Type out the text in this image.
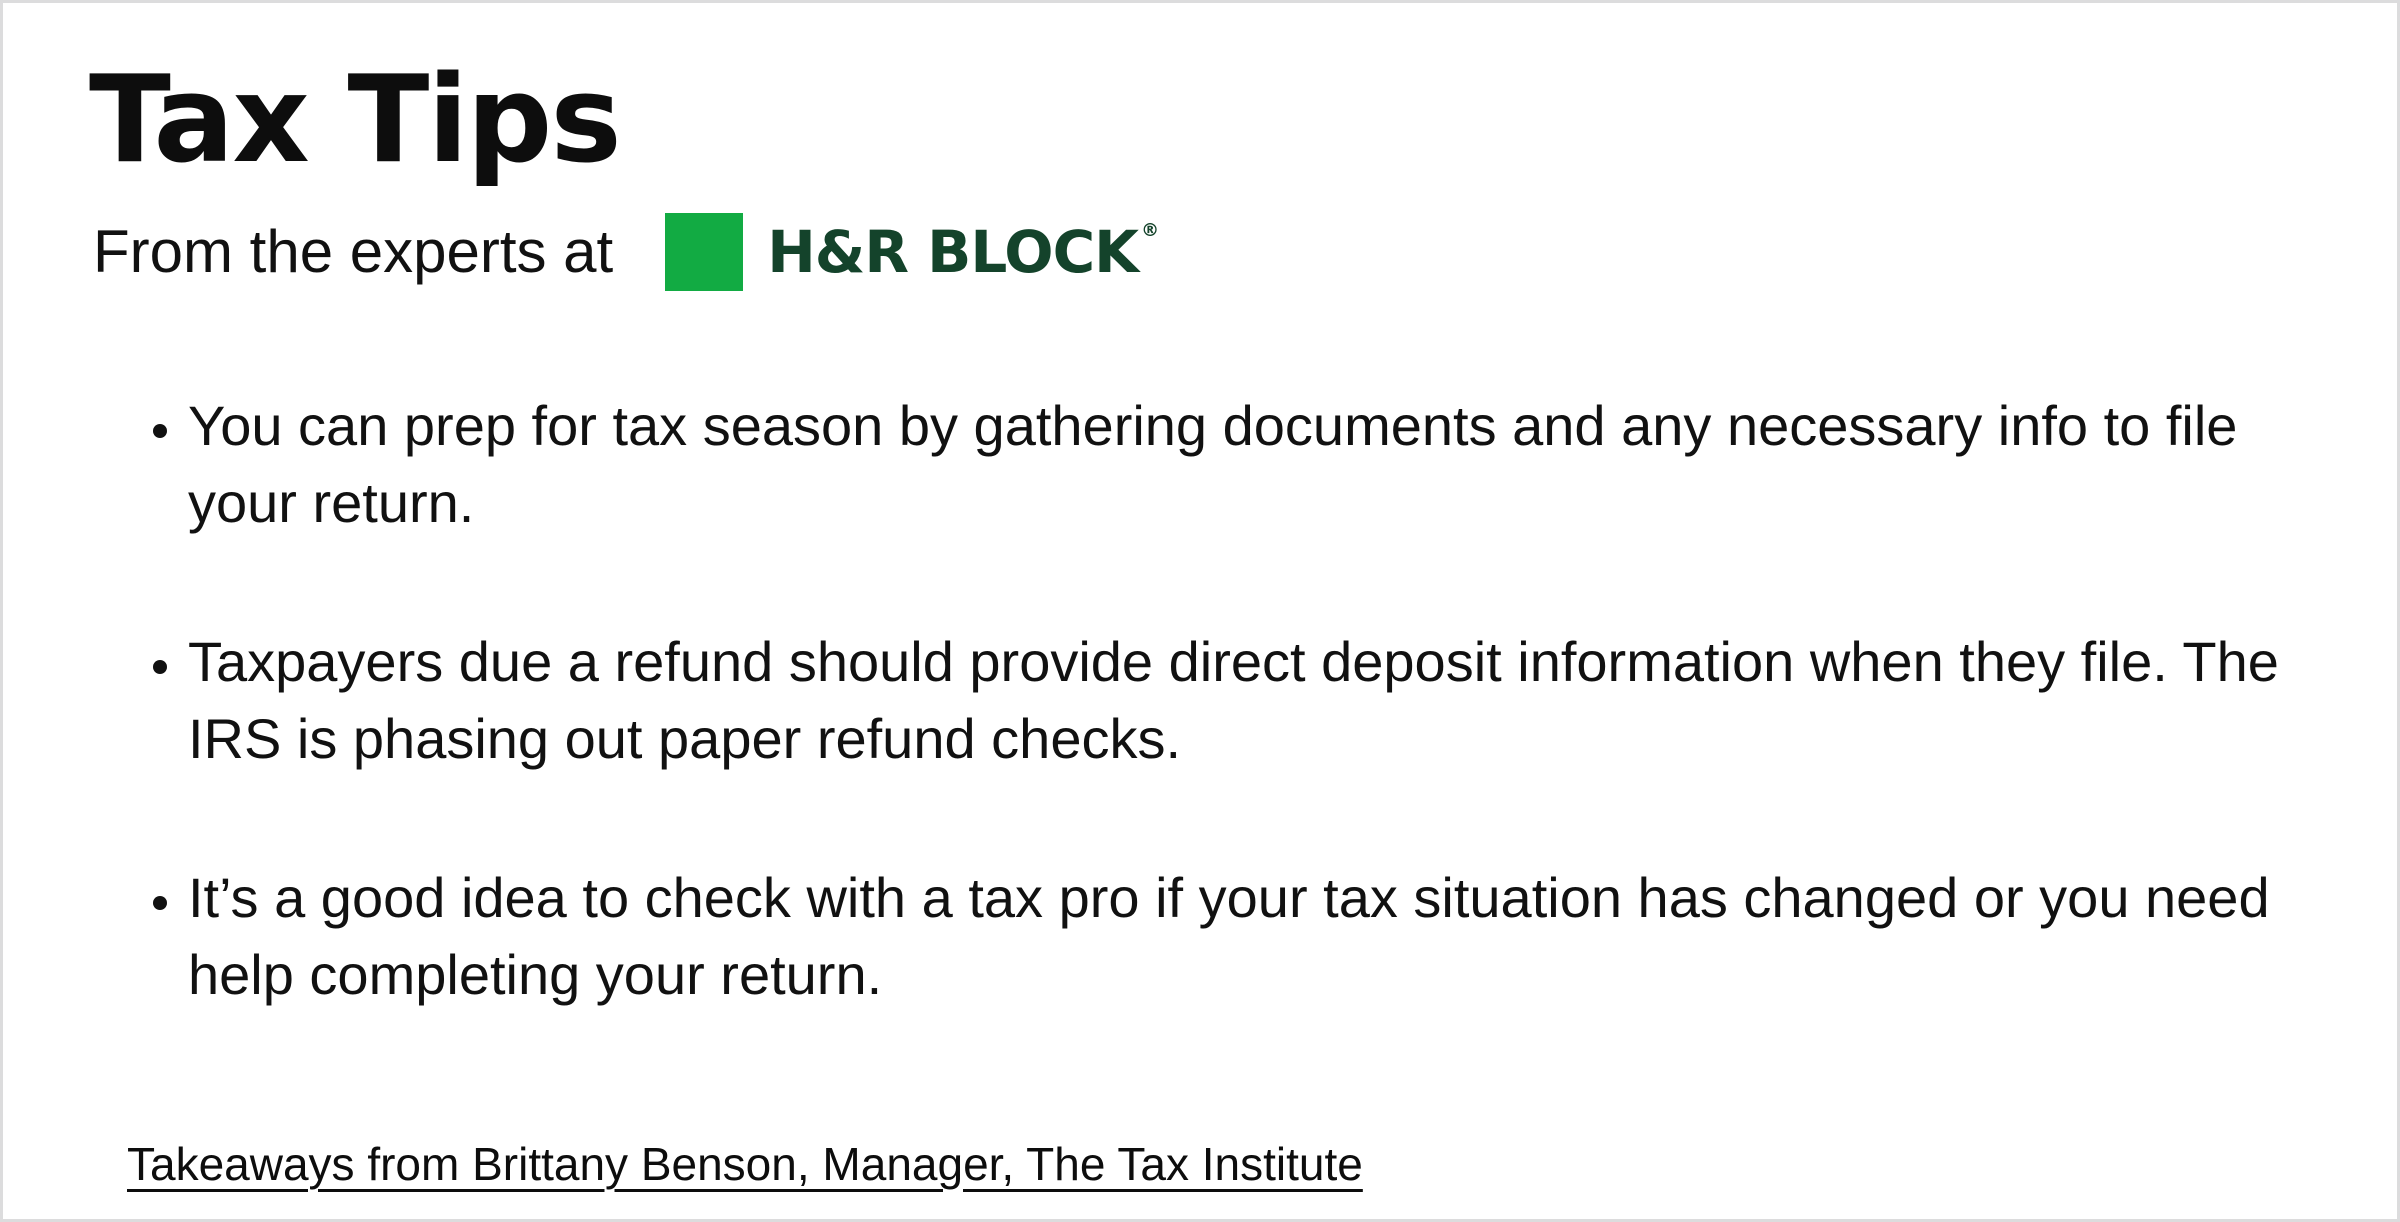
Tax Tips
From the experts at	H&R BLOCK ®
• You can prep for tax season by gathering documents and any necessary info to file your return.
• Taxpayers due a refund should provide direct deposit information when they file. The IRS is phasing out paper refund checks.
• It’s a good idea to check with a tax pro if your tax situation has changed or you need help completing your return.
Takeaways from Brittany Benson, Manager, The Tax Institute
